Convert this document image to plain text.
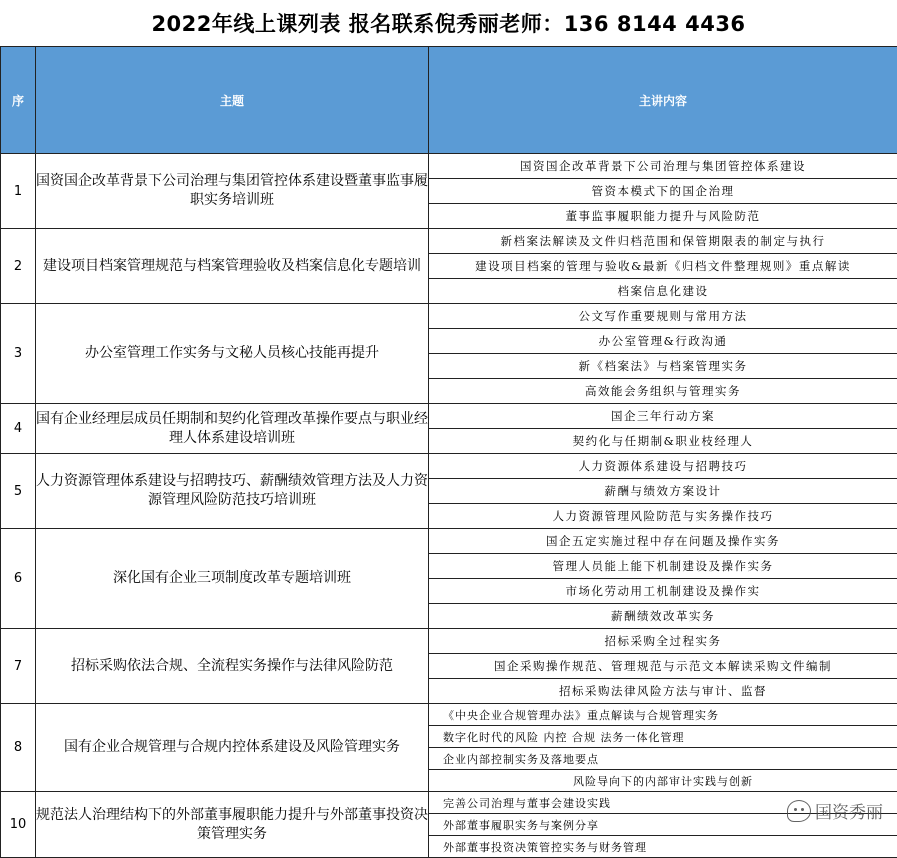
2022年线上课列表 报名联系倪秀丽老师：136 8144 4436
序	主题	主讲内容
1	国资国企改革背景下公司治理与集团管控体系建设暨董事监事履职实务培训班	国资国企改革背景下公司治理与集团管控体系建设
		管资本模式下的国企治理
		董事监事履职能力提升与风险防范
2	建设项目档案管理规范与档案管理验收及档案信息化专题培训	新档案法解读及文件归档范围和保管期限表的制定与执行
		建设项目档案的管理与验收&最新《归档文件整理规则》重点解读
		档案信息化建设
3	办公室管理工作实务与文秘人员核心技能再提升	公文写作重要规则与常用方法
		办公室管理&行政沟通
		新《档案法》与档案管理实务
		高效能会务组织与管理实务
4	国有企业经理层成员任期制和契约化管理改革操作要点与职业经理人体系建设培训班	国企三年行动方案
		契约化与任期制&职业枝经理人
5	人力资源管理体系建设与招聘技巧、薪酬绩效管理方法及人力资源管理风险防范技巧培训班	人力资源体系建设与招聘技巧
		薪酬与绩效方案设计
		人力资源管理风险防范与实务操作技巧
6	深化国有企业三项制度改革专题培训班	国企五定实施过程中存在问题及操作实务
		管理人员能上能下机制建设及操作实务
		市场化劳动用工机制建设及操作实
		薪酬绩效改革实务
7	招标采购依法合规、全流程实务操作与法律风险防范	招标采购全过程实务
		国企采购操作规范、管理规范与示范文本解读采购文件编制
		招标采购法律风险方法与审计、监督
8	国有企业合规管理与合规内控体系建设及风险管理实务	《中央企业合规管理办法》重点解读与合规管理实务
		数字化时代的风险 内控 合规 法务一体化管理
		企业内部控制实务及落地要点
		风险导向下的内部审计实践与创新
10	规范法人治理结构下的外部董事履职能力提升与外部董事投资决策管理实务	完善公司治理与董事会建设实践
		外部董事履职实务与案例分享
		外部董事投资决策管控实务与财务管理
国资秀丽
